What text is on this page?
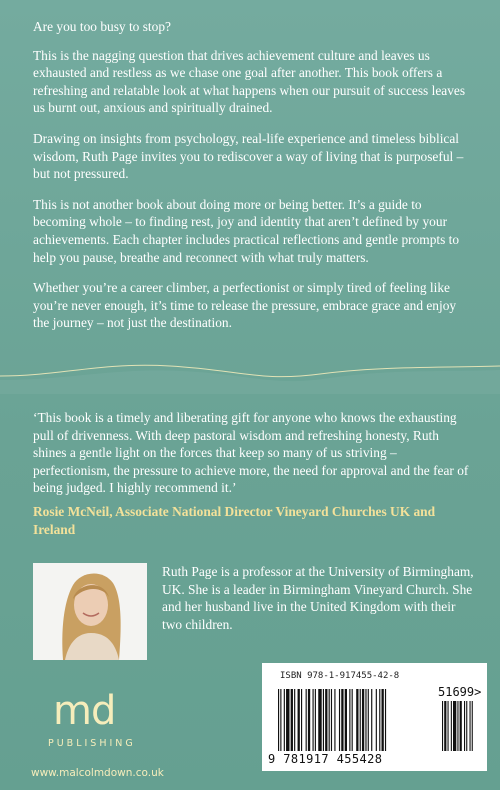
Are you too busy to stop?

This is the nagging question that drives achievement culture and leaves us exhausted and restless as we chase one goal after another. This book offers a refreshing and relatable look at what happens when our pursuit of success leaves us burnt out, anxious and spiritually drained.

Drawing on insights from psychology, real-life experience and timeless biblical wisdom, Ruth Page invites you to rediscover a way of living that is purposeful – but not pressured.

This is not another book about doing more or being better. It’s a guide to becoming whole – to finding rest, joy and identity that aren’t defined by your achievements. Each chapter includes practical reflections and gentle prompts to help you pause, breathe and reconnect with what truly matters.

Whether you’re a career climber, a perfectionist or simply tired of feeling like you’re never enough, it’s time to release the pressure, embrace grace and enjoy the journey – not just the destination.

‘This book is a timely and liberating gift for anyone who knows the exhausting pull of drivenness. With deep pastoral wisdom and refreshing honesty, Ruth shines a gentle light on the forces that keep so many of us striving – perfectionism, the pressure to achieve more, the need for approval and the fear of being judged. I highly recommend it.’

Rosie McNeil, Associate National Director Vineyard Churches UK and Ireland
Ruth Page is a professor at the University of Birmingham, UK. She is a leader in Birmingham Vineyard Church. She and her husband live in the United Kingdom with their two children.
md
PUBLISHING
www.malcolmdown.co.uk
ISBN 978-1-917455-42-8
51699>
9 781917 455428
